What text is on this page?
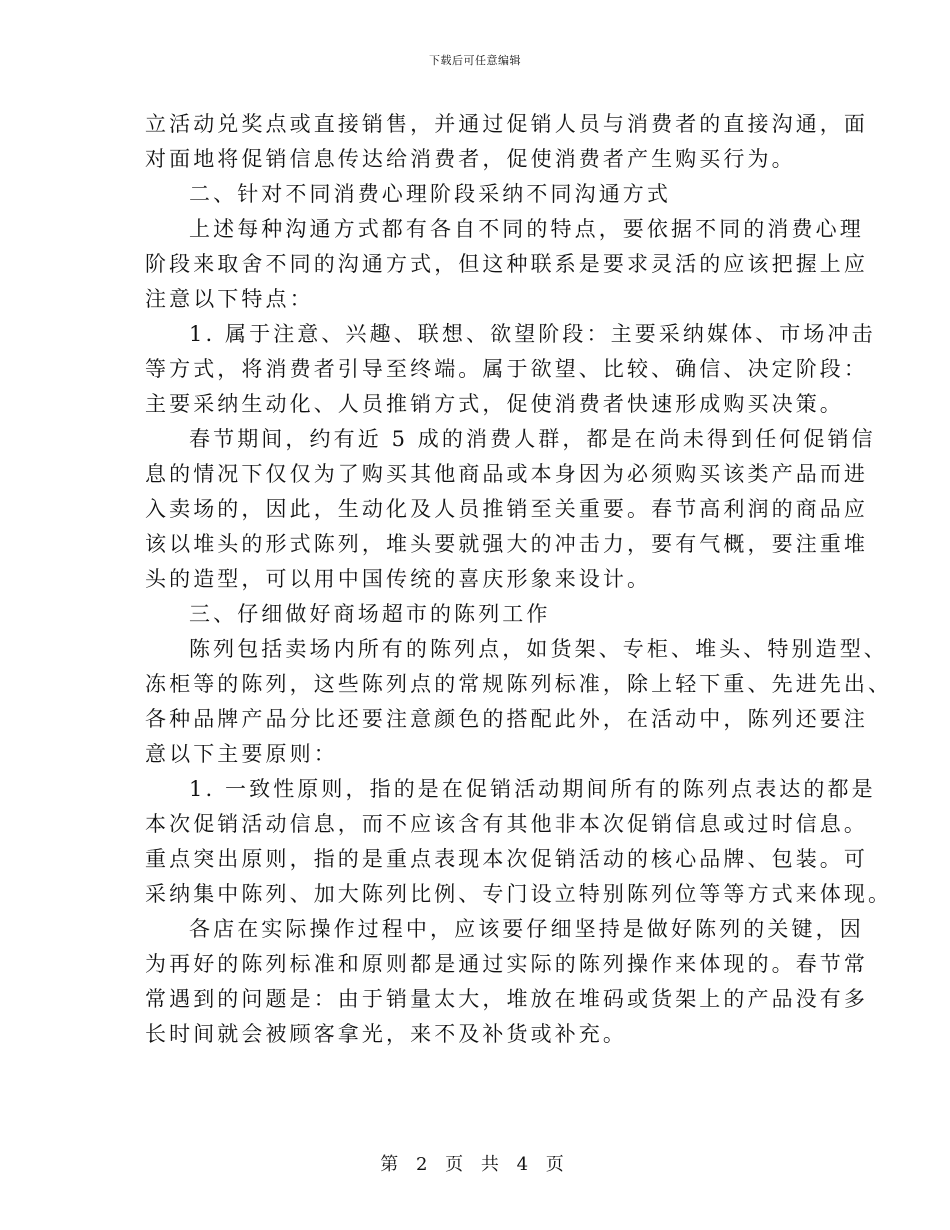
下载后可任意编辑
立活动兑奖点或直接销售，并通过促销人员与消费者的直接沟通，面
对面地将促销信息传达给消费者，促使消费者产生购买行为。
二、针对不同消费心理阶段采纳不同沟通方式
上述每种沟通方式都有各自不同的特点，要依据不同的消费心理
阶段来取舍不同的沟通方式，但这种联系是要求灵活的应该把握上应
注意以下特点：
1. 属于注意、兴趣、联想、欲望阶段：主要采纳媒体、市场冲击
等方式，将消费者引导至终端。属于欲望、比较、确信、决定阶段：
主要采纳生动化、人员推销方式，促使消费者快速形成购买决策。
春节期间，约有近 5 成的消费人群，都是在尚未得到任何促销信
息的情况下仅仅为了购买其他商品或本身因为必须购买该类产品而进
入卖场的，因此，生动化及人员推销至关重要。春节高利润的商品应
该以堆头的形式陈列，堆头要就强大的冲击力，要有气概，要注重堆
头的造型，可以用中国传统的喜庆形象来设计。
三、仔细做好商场超市的陈列工作
陈列包括卖场内所有的陈列点，如货架、专柜、堆头、特别造型、
冻柜等的陈列，这些陈列点的常规陈列标准，除上轻下重、先进先出、
各种品牌产品分比还要注意颜色的搭配此外，在活动中，陈列还要注
意以下主要原则：
1. 一致性原则，指的是在促销活动期间所有的陈列点表达的都是
本次促销活动信息，而不应该含有其他非本次促销信息或过时信息。
重点突出原则，指的是重点表现本次促销活动的核心品牌、包装。可
采纳集中陈列、加大陈列比例、专门设立特别陈列位等等方式来体现。
各店在实际操作过程中，应该要仔细坚持是做好陈列的关键，因
为再好的陈列标准和原则都是通过实际的陈列操作来体现的。春节常
常遇到的问题是：由于销量太大，堆放在堆码或货架上的产品没有多
长时间就会被顾客拿光，来不及补货或补充。
第 2 页 共 4 页
